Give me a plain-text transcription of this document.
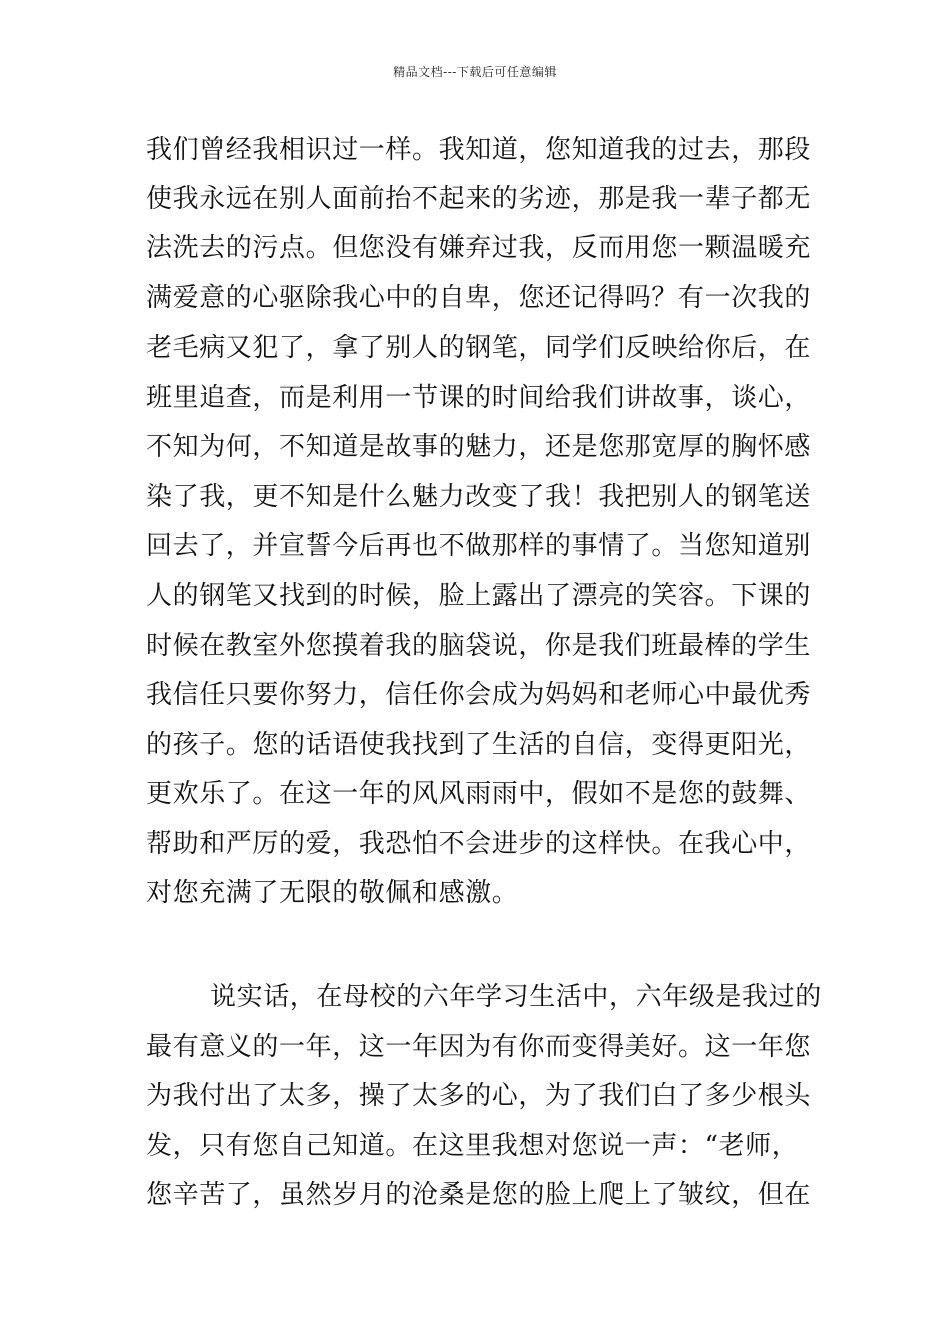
精品文档---下载后可任意编辑
我们曾经我相识过一样。我知道，您知道我的过去，那段
使我永远在别人面前抬不起来的劣迹，那是我一辈子都无
法洗去的污点。但您没有嫌弃过我，反而用您一颗温暖充
满爱意的心驱除我心中的自卑，您还记得吗？有一次我的
老毛病又犯了，拿了别人的钢笔，同学们反映给你后，在
班里追查，而是利用一节课的时间给我们讲故事，谈心，
不知为何，不知道是故事的魅力，还是您那宽厚的胸怀感
染了我，更不知是什么魅力改变了我！我把别人的钢笔送
回去了，并宣誓今后再也不做那样的事情了。当您知道别
人的钢笔又找到的时候，脸上露出了漂亮的笑容。下课的
时候在教室外您摸着我的脑袋说，你是我们班最棒的学生
我信任只要你努力，信任你会成为妈妈和老师心中最优秀
的孩子。您的话语使我找到了生活的自信，变得更阳光，
更欢乐了。在这一年的风风雨雨中，假如不是您的鼓舞、
帮助和严厉的爱，我恐怕不会进步的这样快。在我心中，
对您充满了无限的敬佩和感激。
说实话，在母校的六年学习生活中，六年级是我过的
最有意义的一年，这一年因为有你而变得美好。这一年您
为我付出了太多，操了太多的心，为了我们白了多少根头
发，只有您自己知道。在这里我想对您说一声：“老师，
您辛苦了，虽然岁月的沧桑是您的脸上爬上了皱纹，但在
